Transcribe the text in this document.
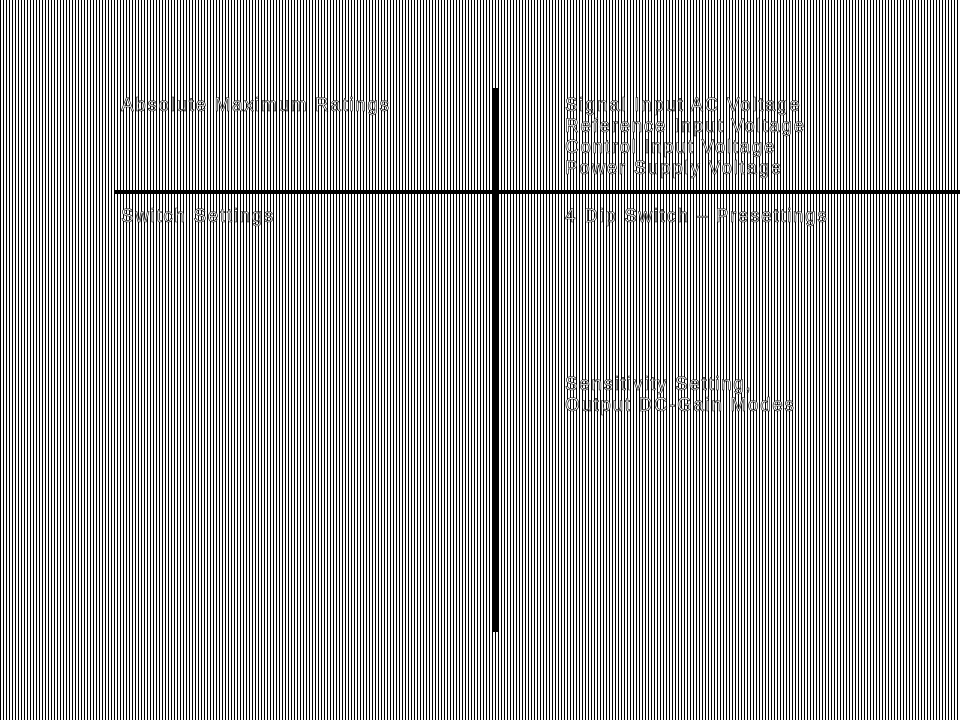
Absolute Maximum Ratings	Signal Input AC Voltage
Reference Input Voltage
Control Input Voltage
Power Supply Voltage
Switch Settings	4 Dip Switch – Presettings
Sensitivity Setting,
Output DC-Gain Modes
